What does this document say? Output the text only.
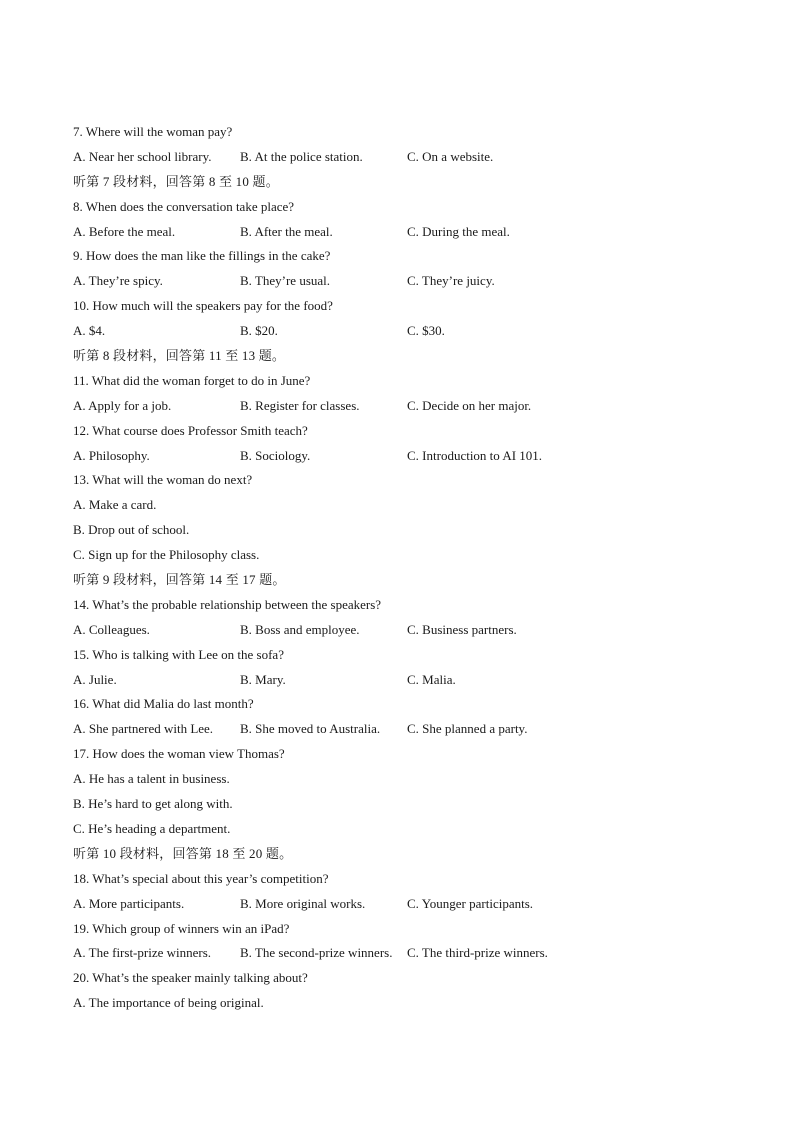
7. Where will the woman pay?
A. Near her school library. B. At the police station.	C. On a website.
听第 7 段材料，回答第 8 至 10 题。
8. When does the conversation take place?
A. Before the meal.	B. After the meal.	C. During the meal.
9. How does the man like the fillings in the cake?
A. They’re spicy.	B. They’re usual.	C. They’re juicy.
10. How much will the speakers pay for the food?
A. $4.	B. $20.	C. $30.
听第 8 段材料，回答第 11 至 13 题。
11. What did the woman forget to do in June?
A. Apply for a job.	B. Register for classes.	C. Decide on her major.
12. What course does Professor Smith teach?
A. Philosophy.	B. Sociology.	C. Introduction to AI 101.
13. What will the woman do next?
A. Make a card.
B. Drop out of school.
C. Sign up for the Philosophy class.
听第 9 段材料，回答第 14 至 17 题。
14. What’s the probable relationship between the speakers?
A. Colleagues.	B. Boss and employee.	C. Business partners.
15. Who is talking with Lee on the sofa?
A. Julie.	B. Mary.	C. Malia.
16. What did Malia do last month?
A. She partnered with Lee. B. She moved to Australia. C. She planned a party.
17. How does the woman view Thomas?
A. He has a talent in business.
B. He’s hard to get along with.
C. He’s heading a department.
听第 10 段材料，回答第 18 至 20 题。
18. What’s special about this year’s competition?
A. More participants.	B. More original works.	C. Younger participants.
19. Which group of winners win an iPad?
A. The first-prize winners. B. The second-prize winners. C. The third-prize winners.
20. What’s the speaker mainly talking about?
A. The importance of being original.
